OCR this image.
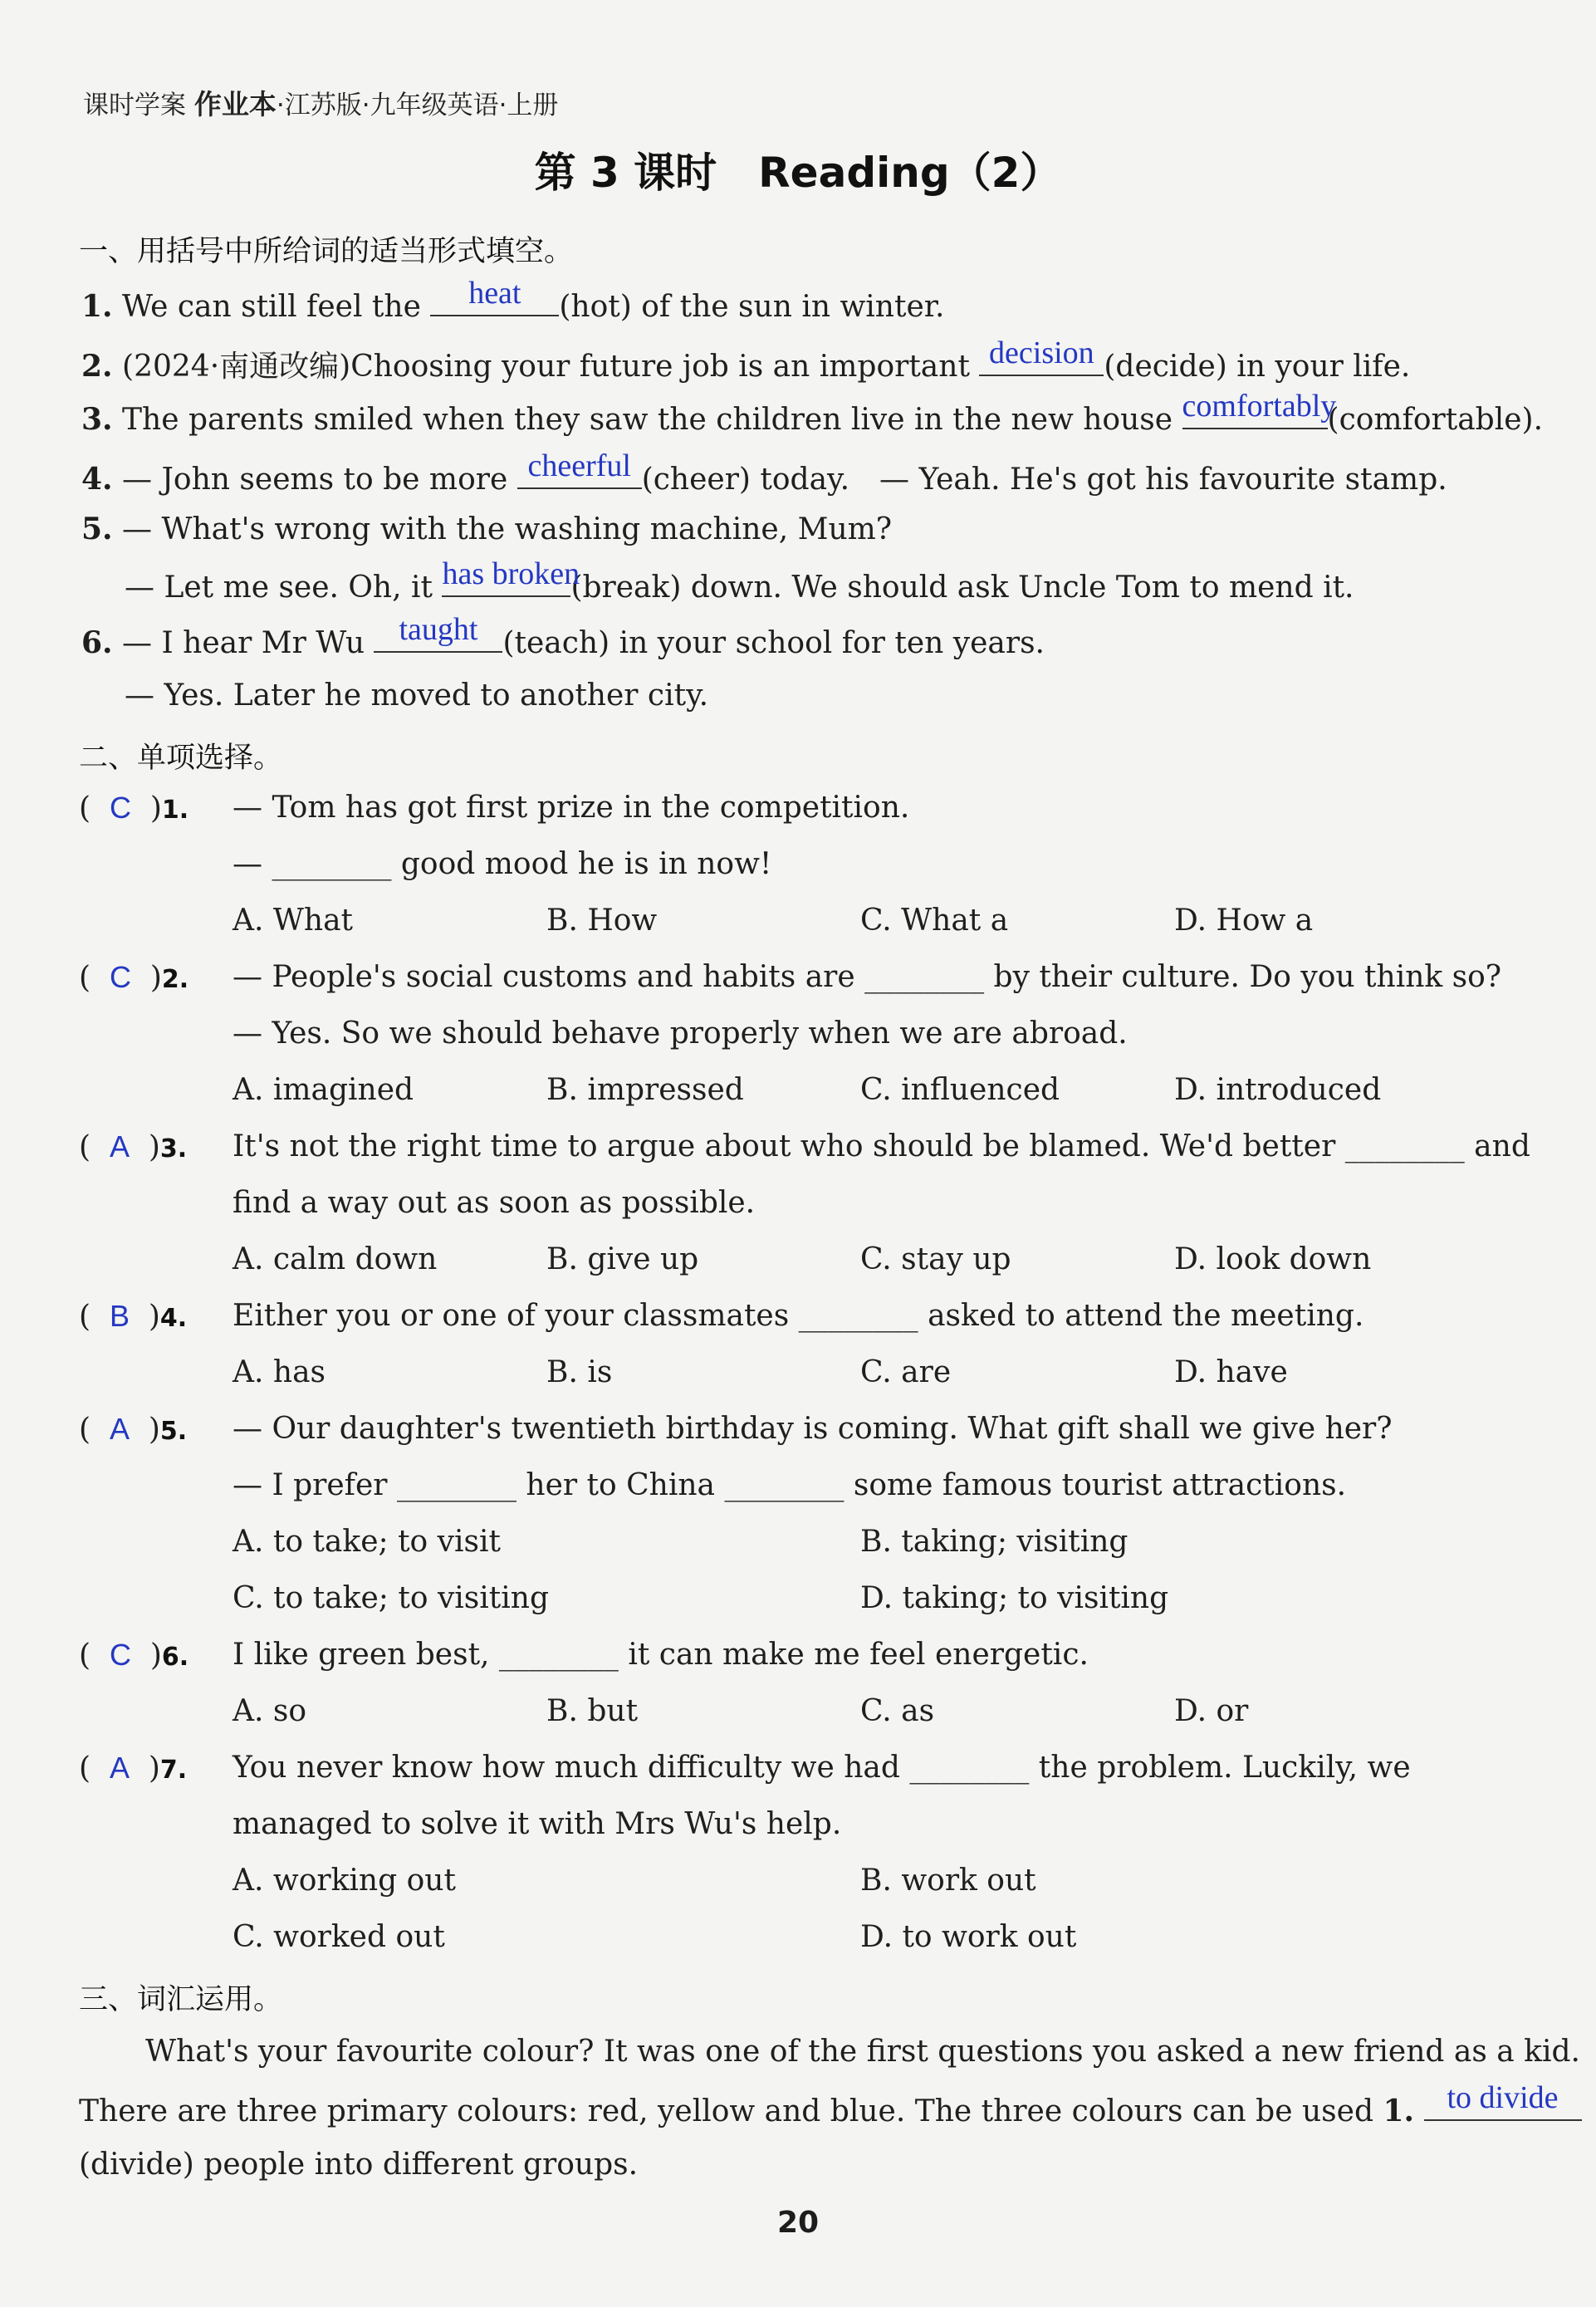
课时学案 作业本·江苏版·九年级英语·上册
第 3 课时　Reading（2）
一、用括号中所给词的适当形式填空。
1. We can still feel the	heat	(hot) of the sun in winter.
2. (2024·南通改编)Choosing your future job is an important decision (decide) in your life.
3. The parents smiled when they saw the children live in the new house comfortably
(comfortable).
4. — John seems to be more cheerful (cheer) today.　— Yeah. He's got his favourite stamp.
5. — What's wrong with the washing machine, Mum?
— Let me see. Oh, it has broken
(break) down. We should ask Uncle Tom to mend it.
6. — I hear Mr Wu	taught (teach) in your school for ten years.
— Yes. Later he moved to another city.
二、单项选择。
( C )1. — Tom has got first prize in the competition.
— ________ good mood he is in now!
A. What	B. How	C. What a	D. How a
( C )2. — People's social customs and habits are ________ by their culture. Do you think so?
— Yes. So we should behave properly when we are abroad.
A. imagined	B. impressed	C. influenced	D. introduced
( A )3. It's not the right time to argue about who should be blamed. We'd better ________ and
find a way out as soon as possible.
A. calm down	B. give up	C. stay up	D. look down
( B )4. Either you or one of your classmates ________ asked to attend the meeting.
A. has	B. is	C. are	D. have
( A )5. — Our daughter's twentieth birthday is coming. What gift shall we give her?
— I prefer ________ her to China ________ some famous tourist attractions.
A. to take; to visit	B. taking; visiting
C. to take; to visiting	D. taking; to visiting
( C )6. I like green best, ________ it can make me feel energetic.
A. so	B. but	C. as	D. or
( A )7. You never know how much difficulty we had ________ the problem. Luckily, we
managed to solve it with Mrs Wu's help.
A. working out	B. work out
C. worked out	D. to work out
三、词汇运用。
What's your favourite colour? It was one of the first questions you asked a new friend as a kid.
There are three primary colours: red, yellow and blue. The three colours can be used 1.	to divide
(divide) people into different groups.
20
